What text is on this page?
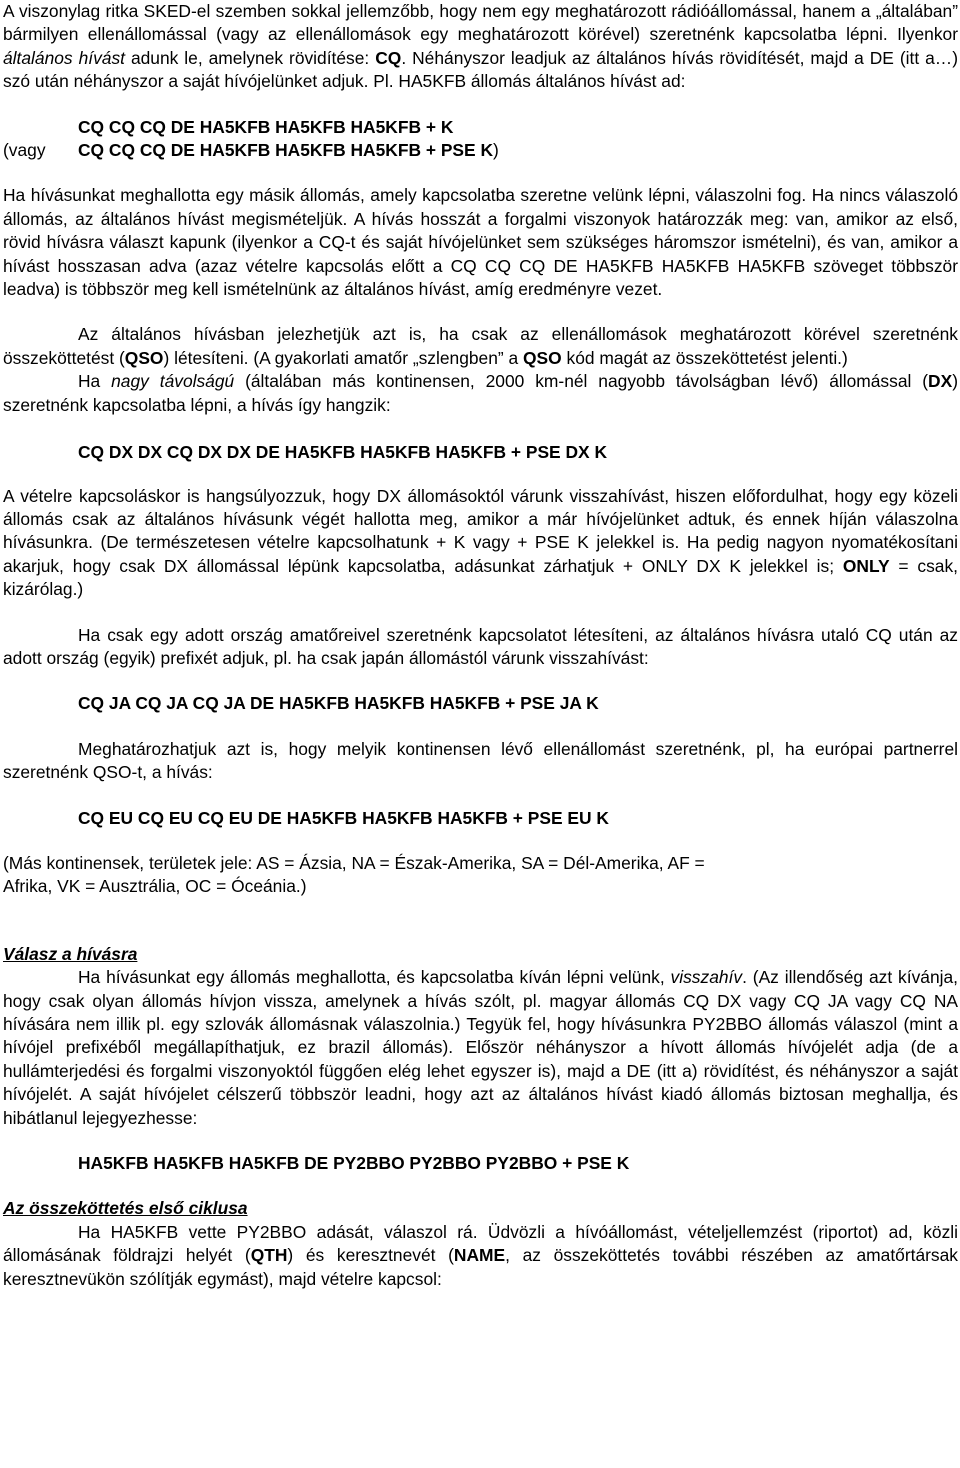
A viszonylag ritka SKED-el szemben sokkal jellemzőbb, hogy nem egy meghatározott rádióállomással, hanem a „általában” bármilyen ellenállomással (vagy az ellenállomások egy meghatározott körével) szeretnénk kapcsolatba lépni. Ilyenkor általános hívást adunk le, amelynek rövidítése: CQ. Néhányszor leadjuk az általános hívás rövidítését, majd a DE (itt a…) szó után néhányszor a saját hívójelünket adjuk. Pl. HA5KFB állomás általános hívást ad:

CQ CQ CQ DE HA5KFB HA5KFB HA5KFB + K
(vagy CQ CQ CQ DE HA5KFB HA5KFB HA5KFB + PSE K)

Ha hívásunkat meghallotta egy másik állomás, amely kapcsolatba szeretne velünk lépni, válaszolni fog. Ha nincs válaszoló állomás, az általános hívást megismételjük. A hívás hosszát a forgalmi viszonyok határozzák meg: van, amikor az első, rövid hívásra választ kapunk (ilyenkor a CQ-t és saját hívójelünket sem szükséges háromszor ismételni), és van, amikor a hívást hosszasan adva (azaz vételre kapcsolás előtt a CQ CQ CQ DE HA5KFB HA5KFB HA5KFB szöveget többször leadva) is többször meg kell ismételnünk az általános hívást, amíg eredményre vezet.

Az általános hívásban jelezhetjük azt is, ha csak az ellenállomások meghatározott körével szeretnénk összeköttetést (QSO) létesíteni. (A gyakorlati amatőr „szlengben” a QSO kód magát az összeköttetést jelenti.)

Ha nagy távolságú (általában más kontinensen, 2000 km-nél nagyobb távolságban lévő) állomással (DX) szeretnénk kapcsolatba lépni, a hívás így hangzik:

CQ DX DX CQ DX DX DE HA5KFB HA5KFB HA5KFB + PSE DX K

A vételre kapcsoláskor is hangsúlyozzuk, hogy DX állomásoktól várunk visszahívást, hiszen előfordulhat, hogy egy közeli állomás csak az általános hívásunk végét hallotta meg, amikor a már hívójelünket adtuk, és ennek híján válaszolna hívásunkra. (De természetesen vételre kapcsolhatunk + K vagy + PSE K jelekkel is. Ha pedig nagyon nyomatékosítani akarjuk, hogy csak DX állomással lépünk kapcsolatba, adásunkat zárhatjuk + ONLY DX K jelekkel is; ONLY = csak, kizárólag.)

Ha csak egy adott ország amatőreivel szeretnénk kapcsolatot létesíteni, az általános hívásra utaló CQ után az adott ország (egyik) prefixét adjuk, pl. ha csak japán állomástól várunk visszahívást:

CQ JA CQ JA CQ JA DE HA5KFB HA5KFB HA5KFB + PSE JA K

Meghatározhatjuk azt is, hogy melyik kontinensen lévő ellenállomást szeretnénk, pl, ha európai partnerrel szeretnénk QSO-t, a hívás:

CQ EU CQ EU CQ EU DE HA5KFB HA5KFB HA5KFB + PSE EU K

(Más kontinensek, területek jele: AS = Ázsia, NA = Észak-Amerika, SA = Dél-Amerika, AF =
Afrika, VK = Ausztrália, OC = Óceánia.)

Válasz a hívásra

Ha hívásunkat egy állomás meghallotta, és kapcsolatba kíván lépni velünk, visszahív. (Az illendőség azt kívánja, hogy csak olyan állomás hívjon vissza, amelynek a hívás szólt, pl. magyar állomás CQ DX vagy CQ JA vagy CQ NA hívására nem illik pl. egy szlovák állomásnak válaszolnia.) Tegyük fel, hogy hívásunkra PY2BBO állomás válaszol (mint a hívójel prefixéből megállapíthatjuk, ez brazil állomás). Először néhányszor a hívott állomás hívójelét adja (de a hullámterjedési és forgalmi viszonyoktól függően elég lehet egyszer is), majd a DE (itt a) rövidítést, és néhányszor a saját hívójelét. A saját hívójelet célszerű többször leadni, hogy azt az általános hívást kiadó állomás biztosan meghallja, és hibátlanul lejegyezhesse:

HA5KFB HA5KFB HA5KFB DE PY2BBO PY2BBO PY2BBO + PSE K
Az összeköttetés első ciklusa

Ha HA5KFB vette PY2BBO adását, válaszol rá. Üdvözli a hívóállomást, vételjellemzést (riportot) ad, közli állomásának földrajzi helyét (QTH) és keresztnevét (NAME, az összeköttetés további részében az amatőrtársak keresztnevükön szólítják egymást), majd vételre kapcsol:
